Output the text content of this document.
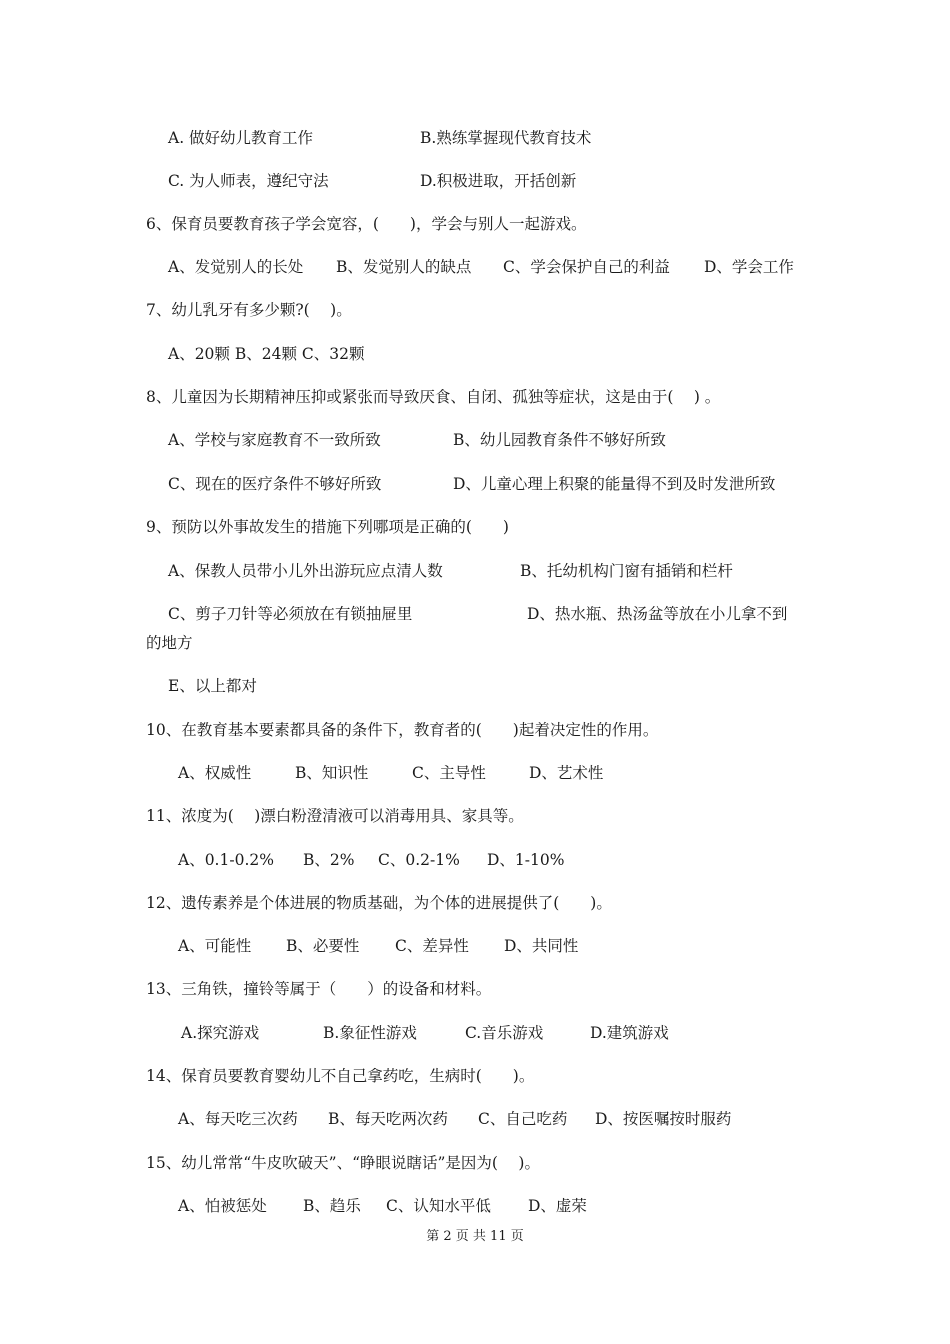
A. 做好幼儿教育工作	B.熟练掌握现代教育技术
C. 为人师表，遵纪守法	D.积极进取，开括创新
6、保育员要教育孩子学会宽容，(　　)，学会与别人一起游戏。
A、发觉别人的长处 B、发觉别人的缺点 C、学会保护自己的利益 D、学会工作
7、幼儿乳牙有多少颗?(　 )。
A、20颗 B、24颗 C、32颗
8、儿童因为长期精神压抑或紧张而导致厌食、自闭、孤独等症状，这是由于(　 ) 。
A、学校与家庭教育不一致所致	B、幼儿园教育条件不够好所致
C、现在的医疗条件不够好所致	D、儿童心理上积聚的能量得不到及时发泄所致
9、预防以外事故发生的措施下列哪项是正确的(　　)
A、保教人员带小儿外出游玩应点清人数	B、托幼机构门窗有插销和栏杆
C、剪子刀针等必须放在有锁抽屉里	D、热水瓶、热汤盆等放在小儿拿不到
的地方
E、以上都对
10、在教育基本要素都具备的条件下，教育者的(　　)起着决定性的作用。
A、权威性	B、知识性	C、主导性	D、艺术性
11、浓度为(　 )漂白粉澄清液可以消毒用具、家具等。
A、0.1-0.2% B、2% C、0.2-1% D、1-10%
12、遗传素养是个体进展的物质基础，为个体的进展提供了(　　)。
A、可能性 B、必要性 C、差异性 D、共同性
13、三角铁，撞铃等属于（　　）的设备和材料。
A.探究游戏	B.象征性游戏	C.音乐游戏	D.建筑游戏
14、保育员要教育婴幼儿不自己拿药吃，生病时(　　)。
A、每天吃三次药 B、每天吃两次药 C、自己吃药 D、按医嘱按时服药
15、幼儿常常“牛皮吹破天”、“睁眼说瞎话”是因为(　 )。
A、怕被惩处 B、趋乐 C、认知水平低 D、虚荣
第 2 页 共 11 页
